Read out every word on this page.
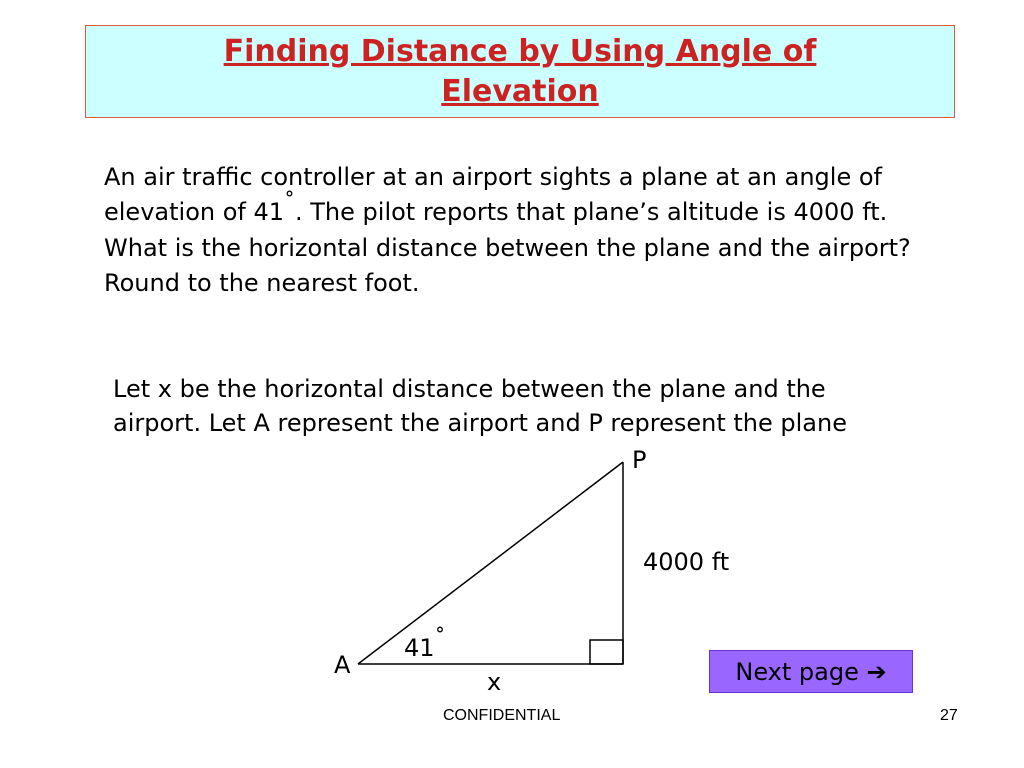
Finding Distance by Using Angle of Elevation
An air traffic controller at an airport sights a plane at an angle of elevation of 41˚. The pilot reports that plane’s altitude is 4000 ft. What is the horizontal distance between the plane and the airport? Round to the nearest foot.
Let x be the horizontal distance between the plane and the airport. Let A represent the airport and P represent the plane
P
4000 ft
41˚
A
x	Next page
➔
CONFIDENTIAL	27
